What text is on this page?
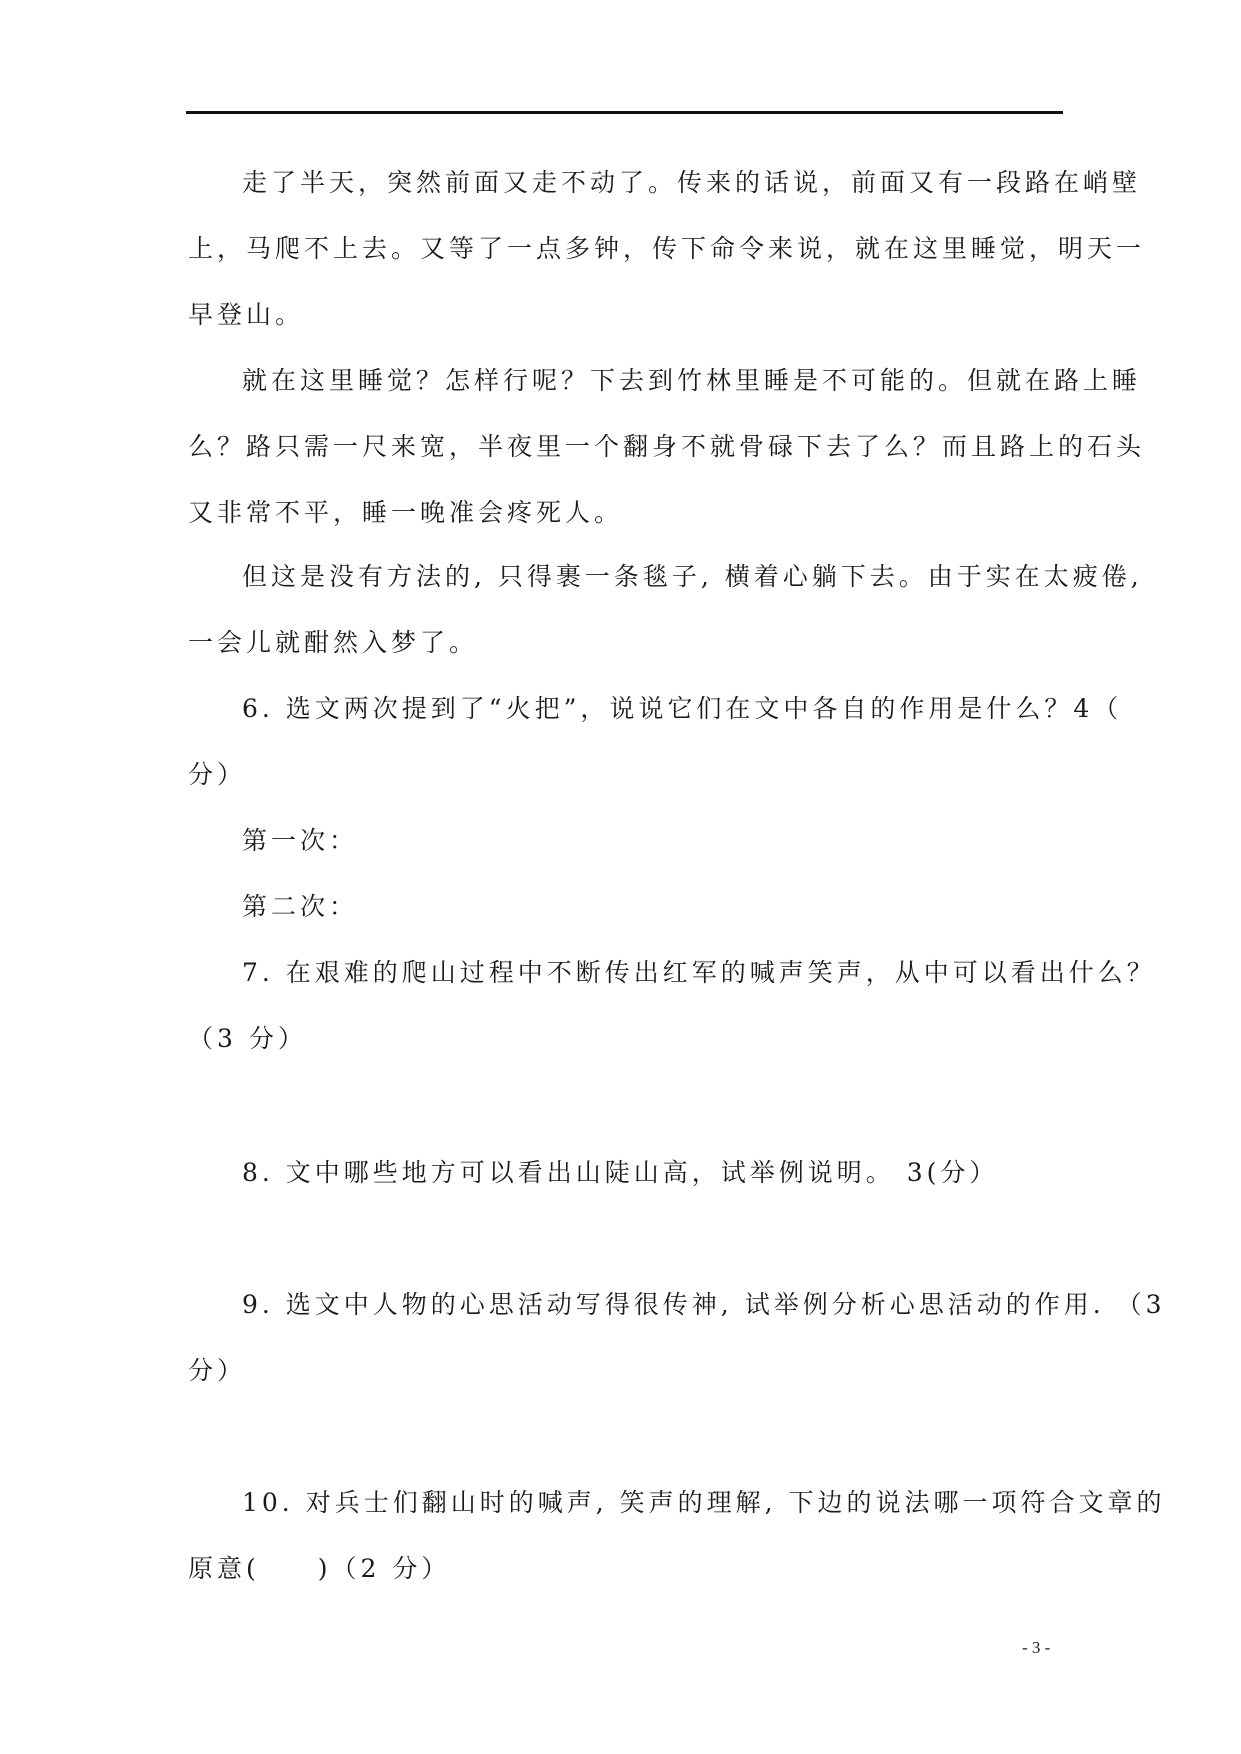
走了半天，突然前面又走不动了。传来的话说，前面又有一段路在峭壁
上，马爬不上去。又等了一点多钟，传下命令来说，就在这里睡觉，明天一
早登山。
就在这里睡觉？怎样行呢？下去到竹林里睡是不可能的。但就在路上睡
么？路只需一尺来宽，半夜里一个翻身不就骨碌下去了么？而且路上的石头
又非常不平，睡一晚准会疼死人。
但这是没有方法的, 只得裹一条毯子, 横着心躺下去。由于实在太疲倦,
一会儿就酣然入梦了。
6. 选文两次提到了“火把”，说说它们在文中各自的作用是什么？4（
分）
第一次：
第二次：
7. 在艰难的爬山过程中不断传出红军的喊声笑声，从中可以看出什么？
（3 分）
8. 文中哪些地方可以看出山陡山高，试举例说明。 3(分）
9. 选文中人物的心思活动写得很传神, 试举例分析心思活动的作用. （3
分）
10. 对兵士们翻山时的喊声, 笑声的理解, 下边的说法哪一项符合文章的
原意(　　)（2 分）
- 3 -
